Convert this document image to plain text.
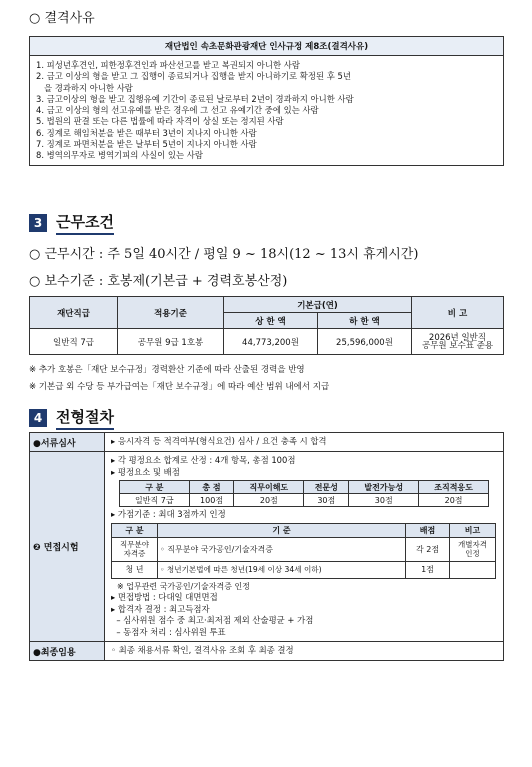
○ 결격사유
재단법인 속초문화관광재단 인사규정 제8조(결격사유)
1. 피성년후견인, 피한정후견인과 파산선고를 받고 복권되지 아니한 사람
2. 금고 이상의 형을 받고 그 집행이 종료되거나 집행을 받지 아니하기로 확정된 후 5년
을 경과하지 아니한 사람
3. 금고이상의 형을 받고 집행유예 기간이 종료된 날로부터 2년이 경과하지 아니한 사람
4. 금고 이상의 형의 선고유예를 받은 경우에 그 선고 유예기간 중에 있는 사람
5. 법원의 판결 또는 다른 법률에 따라 자격이 상실 또는 정지된 사람
6. 징계로 해임처분을 받은 때부터 3년이 지나지 아니한 사람
7. 징계로 파면처분을 받은 날부터 5년이 지나지 아니한 사람
8. 병역의무자로 병역기피의 사실이 있는 사람
3 근무조건
○ 근무시간 : 주 5일 40시간 / 평일 9 ~ 18시(12 ~ 13시 휴게시간)
○ 보수기준 : 호봉제(기본급 + 경력호봉산정)
재단직급	적용기준	기본급(연)		비 고
		상 한 액	하 한 액	
일반직 7급	공무원 9급 1호봉	44,773,200원	25,596,000원	2026년 일반직
공무원 보수표 준용
※ 추가 호봉은「재단 보수규정」경력환산 기준에 따라 산출된 경력을 반영
※ 기본급 외 수당 등 부가급여는「재단 보수규정」에 따라 예산 범위 내에서 지급
4 전형절차
●서류심사	▸ 응시자격 등 적격여부(형식요건) 심사 / 요건 충족 시 합격

❷ 면접시험	
▸ 각 평정요소 합계로 산정 : 4개 항목, 총점 100점
▸ 평정요소 및 배점
구 분	총 점	직무이해도	전문성	발전가능성	조직적응도
일반직 7급	100점	20점	30점	30점	20점
▸ 가점기준 : 최대 3점까지 인정
구 분	기 준	배점	비고

직무분야
자격증	◦ 직무분야 국가공인/기술자격증	각 2점	개별자격
인정

청 년	◦ 청년기본법에 따른 청년(19세 이상 34세 이하)	1점	
※ 업무관련 국가공인/기술자격증 인정
▸ 면접방법 : 다대일 대면면접
▸ 합격자 결정 : 최고득점자
– 심사위원 점수 중 최고·최저점 제외 산술평균 + 가점
– 동점자 처리 : 심사위원 투표

●최종임용	◦ 최종 채용서류 확인, 결격사유 조회 후 최종 결정
